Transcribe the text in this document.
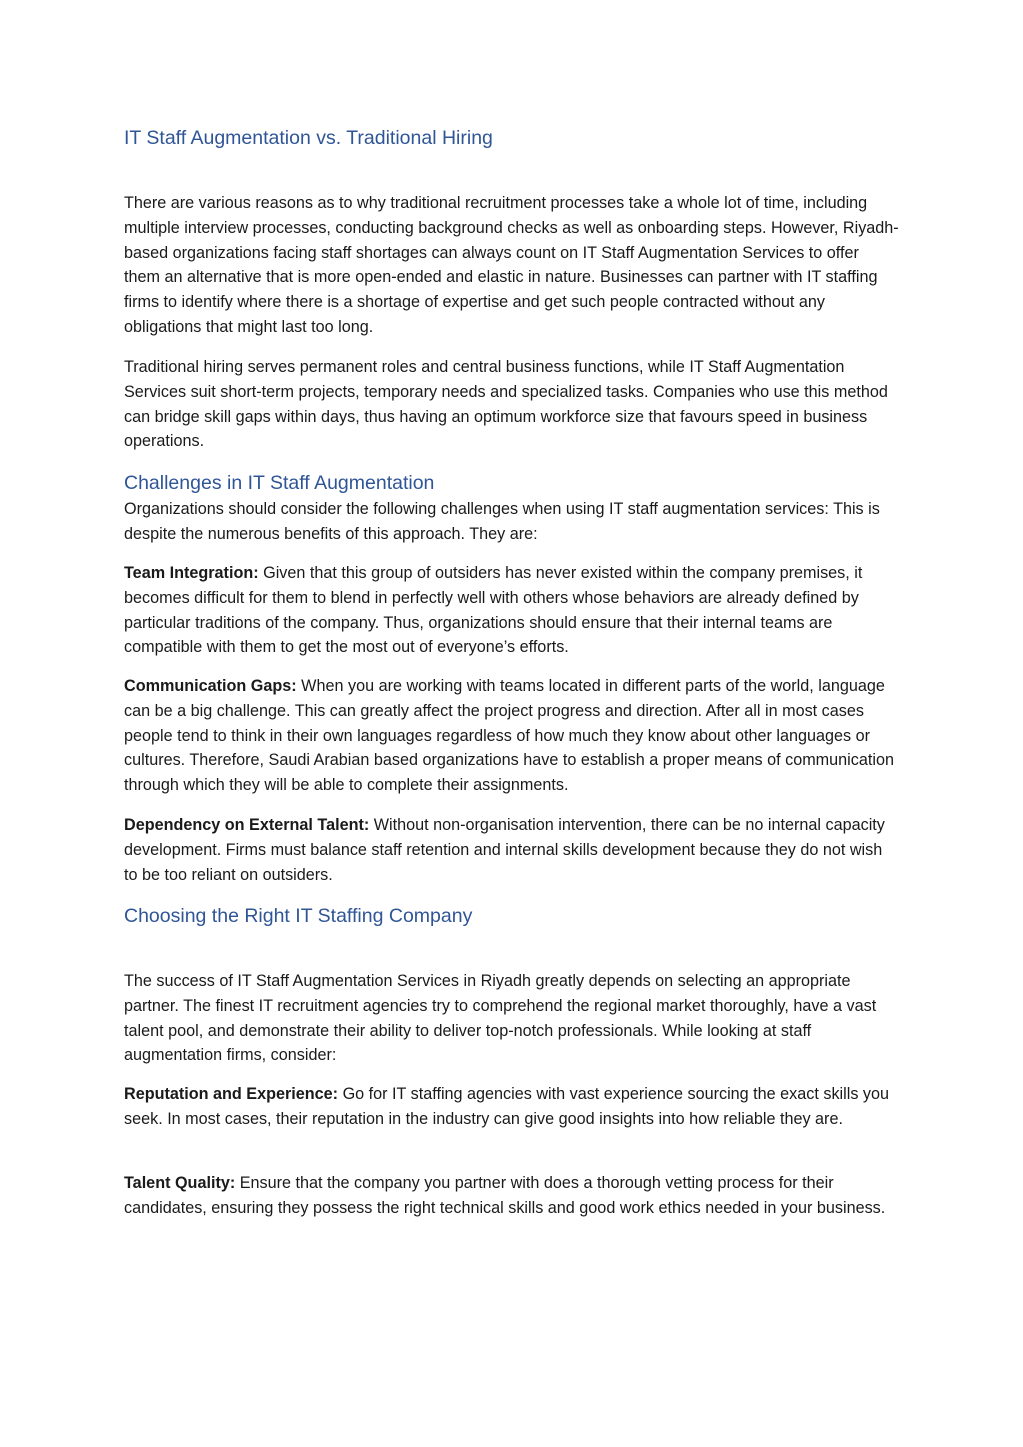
IT Staff Augmentation vs. Traditional Hiring

There are various reasons as to why traditional recruitment processes take a whole lot of time, including multiple interview processes, conducting background checks as well as onboarding steps. However, Riyadh-based organizations facing staff shortages can always count on IT Staff Augmentation Services to offer them an alternative that is more open-ended and elastic in nature. Businesses can partner with IT staffing firms to identify where there is a shortage of expertise and get such people contracted without any obligations that might last too long.

Traditional hiring serves permanent roles and central business functions, while IT Staff Augmentation Services suit short-term projects, temporary needs and specialized tasks. Companies who use this method can bridge skill gaps within days, thus having an optimum workforce size that favours speed in business operations.

Challenges in IT Staff Augmentation

Organizations should consider the following challenges when using IT staff augmentation services: This is despite the numerous benefits of this approach. They are:

Team Integration: Given that this group of outsiders has never existed within the company premises, it becomes difficult for them to blend in perfectly well with others whose behaviors are already defined by particular traditions of the company. Thus, organizations should ensure that their internal teams are compatible with them to get the most out of everyone’s efforts.

Communication Gaps: When you are working with teams located in different parts of the world, language can be a big challenge. This can greatly affect the project progress and direction. After all in most cases people tend to think in their own languages regardless of how much they know about other languages or cultures. Therefore, Saudi Arabian based organizations have to establish a proper means of communication through which they will be able to complete their assignments.

Dependency on External Talent: Without non-organisation intervention, there can be no internal capacity development. Firms must balance staff retention and internal skills development because they do not wish to be too reliant on outsiders.

Choosing the Right IT Staffing Company

The success of IT Staff Augmentation Services in Riyadh greatly depends on selecting an appropriate partner. The finest IT recruitment agencies try to comprehend the regional market thoroughly, have a vast talent pool, and demonstrate their ability to deliver top-notch professionals. While looking at staff augmentation firms, consider:

Reputation and Experience: Go for IT staffing agencies with vast experience sourcing the exact skills you seek. In most cases, their reputation in the industry can give good insights into how reliable they are.

Talent Quality: Ensure that the company you partner with does a thorough vetting process for their candidates, ensuring they possess the right technical skills and good work ethics needed in your business.
